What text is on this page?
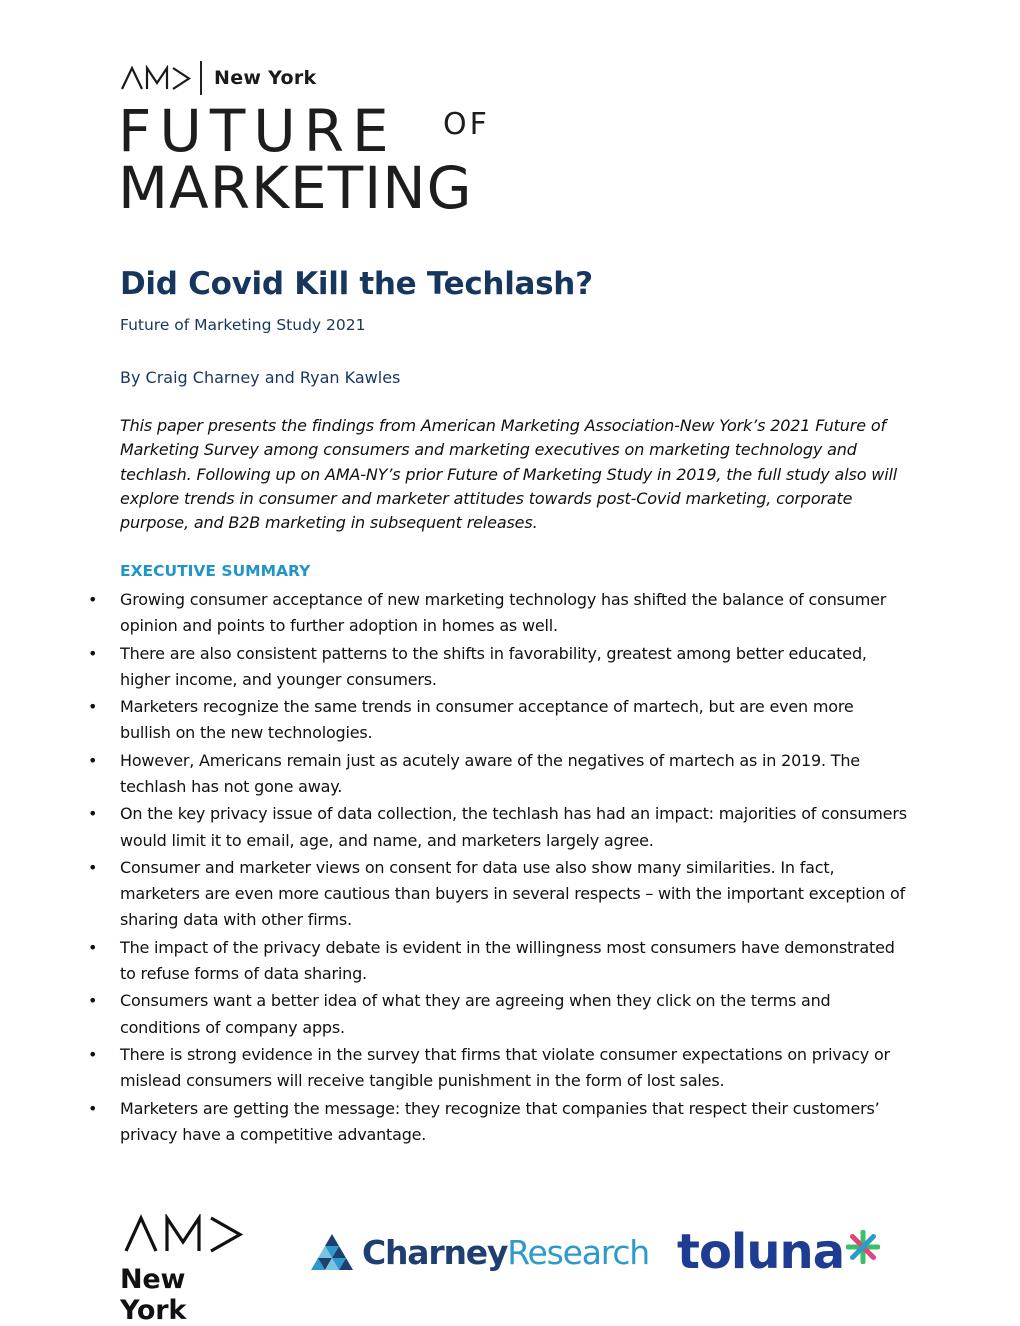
New York
FUTURE OF
MARKETING
Did Covid Kill the Techlash?
Future of Marketing Study 2021
By Craig Charney and Ryan Kawles

This paper presents the findings from American Marketing Association-New York’s 2021 Future of Marketing Survey among consumers and marketing executives on marketing technology and techlash. Following up on AMA-NY’s prior Future of Marketing Study in 2019, the full study also will explore trends in consumer and marketer attitudes towards post-Covid marketing, corporate purpose, and B2B marketing in subsequent releases.

EXECUTIVE SUMMARY
• Growing consumer acceptance of new marketing technology has shifted the balance of consumer opinion and points to further adoption in homes as well.
• There are also consistent patterns to the shifts in favorability, greatest among better educated, higher income, and younger consumers.
• Marketers recognize the same trends in consumer acceptance of martech, but are even more bullish on the new technologies.
• However, Americans remain just as acutely aware of the negatives of martech as in 2019. The techlash has not gone away.
• On the key privacy issue of data collection, the techlash has had an impact: majorities of consumers would limit it to email, age, and name, and marketers largely agree.
• Consumer and marketer views on consent for data use also show many similarities. In fact, marketers are even more cautious than buyers in several respects – with the important exception of sharing data with other firms.
• The impact of the privacy debate is evident in the willingness most consumers have demonstrated to refuse forms of data sharing.
• Consumers want a better idea of what they are agreeing when they click on the terms and conditions of company apps.
• There is strong evidence in the survey that firms that violate consumer expectations on privacy or mislead consumers will receive tangible punishment in the form of lost sales.
• Marketers are getting the message: they recognize that companies that respect their customers’ privacy have a competitive advantage.
New York
Charney Research toluna
